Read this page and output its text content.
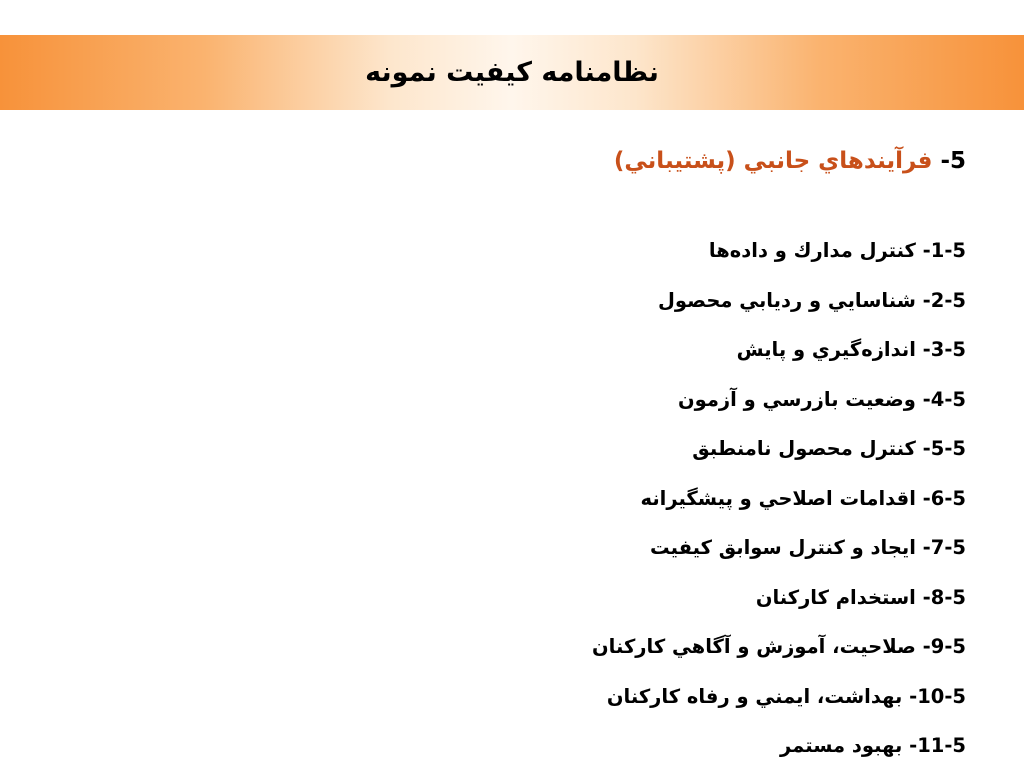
نظامنامه کيفيت نمونه
5- فرآيندهاي جانبي (پشتيباني)
1-5- کنترل مدارك و داده‌ها
2-5- شناسايي و رديابي محصول
3-5- اندازه‌گيري و پايش
4-5- وضعيت بازرسي و آزمون
5-5- کنترل محصول نامنطبق
6-5- اقدامات اصلاحي و پيشگيرانه
7-5- ايجاد و کنترل سوابق کيفيت
8-5- استخدام کارکنان
9-5- صلاحيت، آموزش و آگاهي کارکنان
10-5- بهداشت، ايمني و رفاه کارکنان
11-5- بهبود مستمر
